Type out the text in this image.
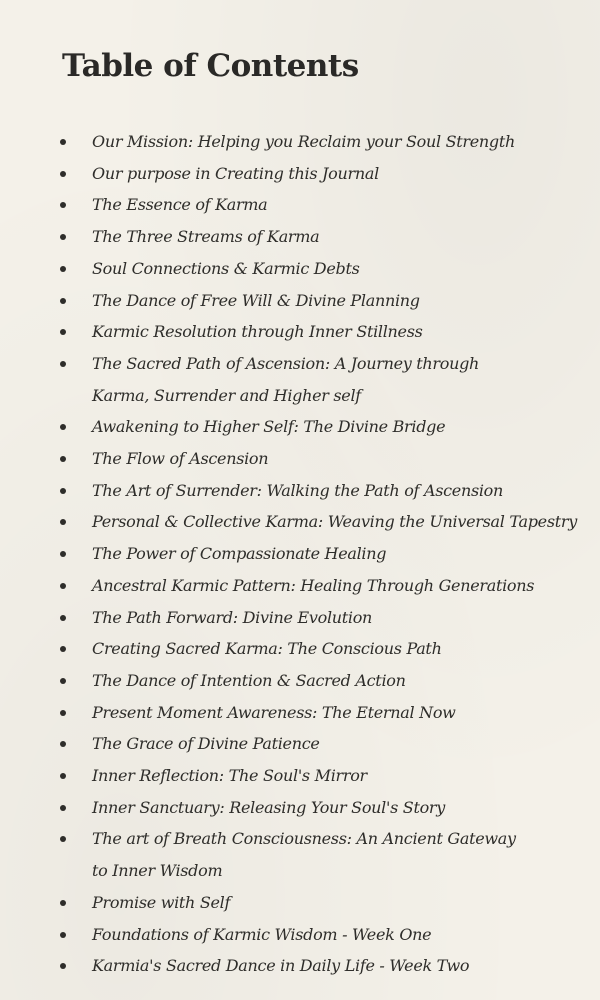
Table of Contents
Our Mission: Helping you Reclaim your Soul Strength
Our purpose in Creating this Journal
The Essence of Karma
The Three Streams of Karma
Soul Connections & Karmic Debts
The Dance of Free Will & Divine Planning
Karmic Resolution through Inner Stillness
The Sacred Path of Ascension: A Journey through Karma, Surrender and Higher self
Awakening to Higher Self: The Divine Bridge
The Flow of Ascension
The Art of Surrender: Walking the Path of Ascension
Personal & Collective Karma: Weaving the Universal Tapestry
The Power of Compassionate Healing
Ancestral Karmic Pattern: Healing Through Generations
The Path Forward: Divine Evolution
Creating Sacred Karma: The Conscious Path
The Dance of Intention & Sacred Action
Present Moment Awareness: The Eternal Now
The Grace of Divine Patience
Inner Reflection: The Soul's Mirror
Inner Sanctuary: Releasing Your Soul's Story
The art of Breath Consciousness: An Ancient Gateway to Inner Wisdom
Promise with Self
Foundations of Karmic Wisdom - Week One
Karmia's Sacred Dance in Daily Life - Week Two
